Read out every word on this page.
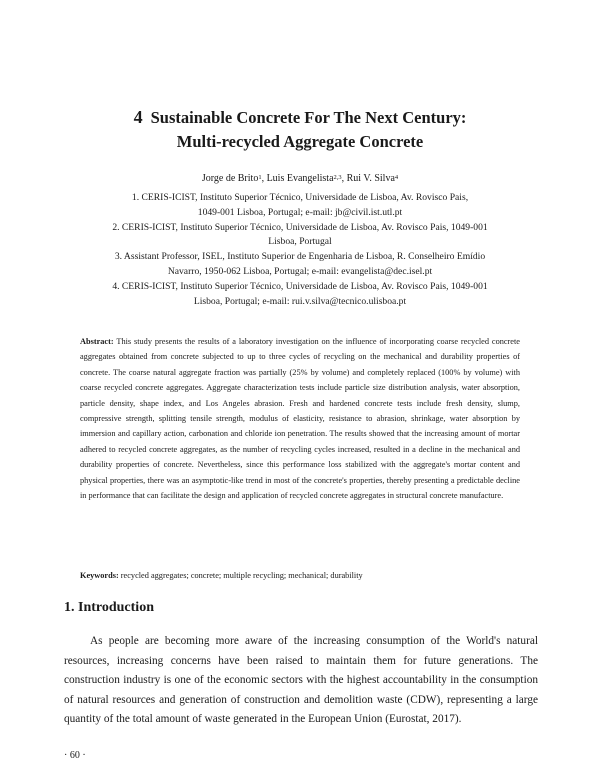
4 Sustainable Concrete For The Next Century:
Multi-recycled Aggregate Concrete
Jorge de Brito$^1$, Luis Evangelista$^{2,3}$, Rui V. Silva$^4$
1. CERIS-ICIST, Instituto Superior Técnico, Universidade de Lisboa, Av. Rovisco Pais,
1049-001 Lisboa, Portugal; e-mail: jb@civil.ist.utl.pt
2. CERIS-ICIST, Instituto Superior Técnico, Universidade de Lisboa, Av. Rovisco Pais, 1049-001
Lisboa, Portugal
3. Assistant Professor, ISEL, Instituto Superior de Engenharia de Lisboa, R. Conselheiro Emídio
Navarro, 1950-062 Lisboa, Portugal; e-mail: evangelista@dec.isel.pt
4. CERIS-ICIST, Instituto Superior Técnico, Universidade de Lisboa, Av. Rovisco Pais, 1049-001
Lisboa, Portugal; e-mail: rui.v.silva@tecnico.ulisboa.pt
Abstract: This study presents the results of a laboratory investigation on the influence of incorporating coarse recycled concrete aggregates obtained from concrete subjected to up to three cycles of recycling on the mechanical and durability properties of concrete. The coarse natural aggregate fraction was partially (25% by volume) and completely replaced (100% by volume) with coarse recycled concrete aggregates. Aggregate characterization tests include particle size distribution analysis, water absorption, particle density, shape index, and Los Angeles abrasion. Fresh and hardened concrete tests include fresh density, slump, compressive strength, splitting tensile strength, modulus of elasticity, resistance to abrasion, shrinkage, water absorption by immersion and capillary action, carbonation and chloride ion penetration. The results showed that the increasing amount of mortar adhered to recycled concrete aggregates, as the number of recycling cycles increased, resulted in a decline in the mechanical and durability properties of concrete. Nevertheless, since this performance loss stabilized with the aggregate's mortar content and physical properties, there was an asymptotic-like trend in most of the concrete's properties, thereby presenting a predictable decline in performance that can facilitate the design and application of recycled concrete aggregates in structural concrete manufacture.
Keywords: recycled aggregates; concrete; multiple recycling; mechanical; durability
1. Introduction
As people are becoming more aware of the increasing consumption of the World's natural resources, increasing concerns have been raised to maintain them for future generations. The construction industry is one of the economic sectors with the highest accountability in the consumption of natural resources and generation of construction and demolition waste (CDW), representing a large quantity of the total amount of waste generated in the European Union (Eurostat, 2017).
· 60 ·
